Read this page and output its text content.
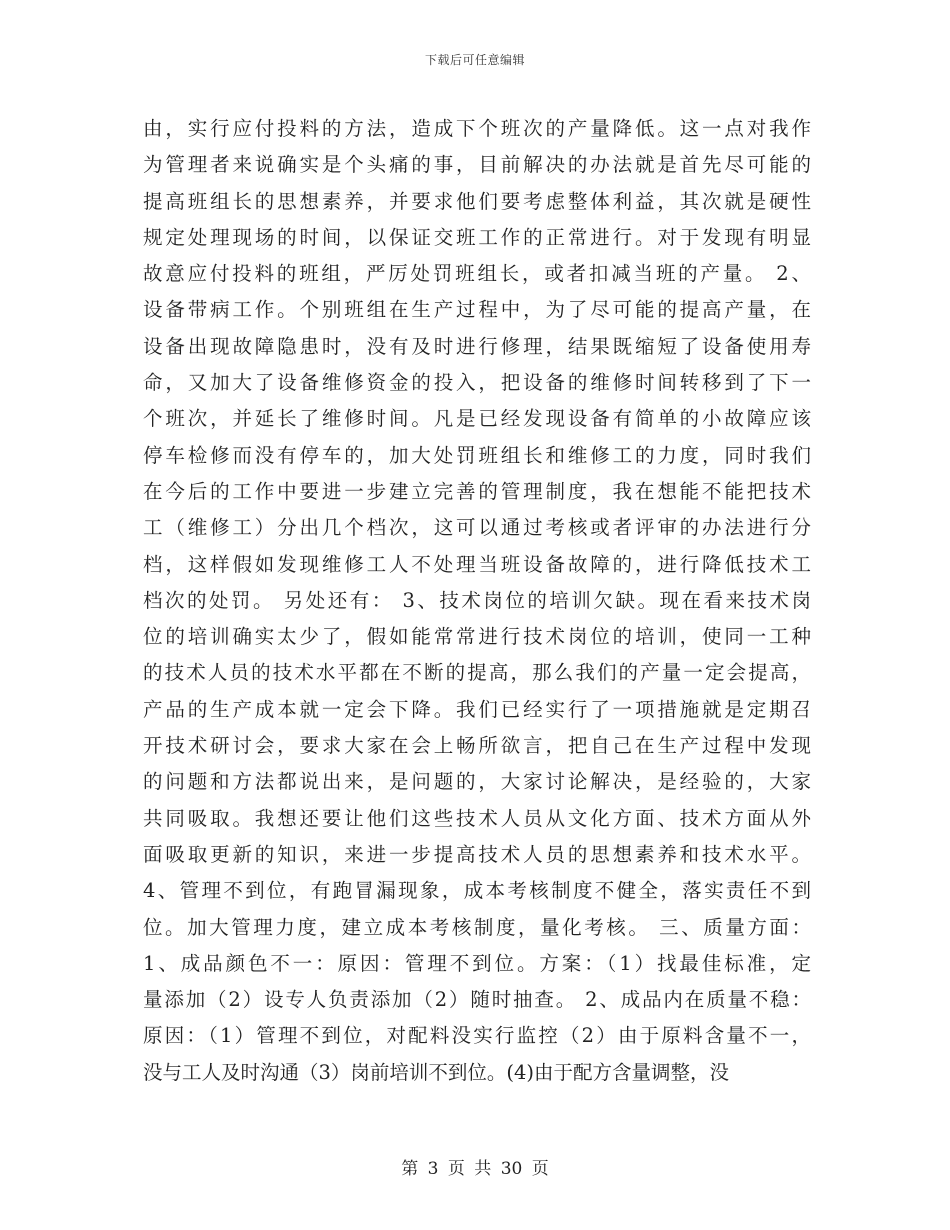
下载后可任意编辑
由，实行应付投料的方法，造成下个班次的产量降低。这一点对我作
为管理者来说确实是个头痛的事，目前解决的办法就是首先尽可能的
提高班组长的思想素养，并要求他们要考虑整体利益，其次就是硬性
规定处理现场的时间，以保证交班工作的正常进行。对于发现有明显
故意应付投料的班组，严厉处罚班组长，或者扣减当班的产量。 2、
设备带病工作。个别班组在生产过程中，为了尽可能的提高产量，在
设备出现故障隐患时，没有及时进行修理，结果既缩短了设备使用寿
命，又加大了设备维修资金的投入，把设备的维修时间转移到了下一
个班次，并延长了维修时间。凡是已经发现设备有简单的小故障应该
停车检修而没有停车的，加大处罚班组长和维修工的力度，同时我们
在今后的工作中要进一步建立完善的管理制度，我在想能不能把技术
工（维修工）分出几个档次，这可以通过考核或者评审的办法进行分
档，这样假如发现维修工人不处理当班设备故障的，进行降低技术工
档次的处罚。 另处还有： 3、技术岗位的培训欠缺。现在看来技术岗
位的培训确实太少了，假如能常常进行技术岗位的培训，使同一工种
的技术人员的技术水平都在不断的提高，那么我们的产量一定会提高，
产品的生产成本就一定会下降。我们已经实行了一项措施就是定期召
开技术研讨会，要求大家在会上畅所欲言，把自己在生产过程中发现
的问题和方法都说出来，是问题的，大家讨论解决，是经验的，大家
共同吸取。我想还要让他们这些技术人员从文化方面、技术方面从外
面吸取更新的知识，来进一步提高技术人员的思想素养和技术水平。
4、管理不到位，有跑冒漏现象，成本考核制度不健全，落实责任不到
位。加大管理力度，建立成本考核制度，量化考核。 三、质量方面：
1、成品颜色不一：原因：管理不到位。方案：（1）找最佳标准，定
量添加（2）设专人负责添加（2）随时抽查。 2、成品内在质量不稳：
原因：（1）管理不到位，对配料没实行监控（2）由于原料含量不一，
没与工人及时沟通（3）岗前培训不到位。(4)由于配方含量调整，没
第 3 页 共 30 页
